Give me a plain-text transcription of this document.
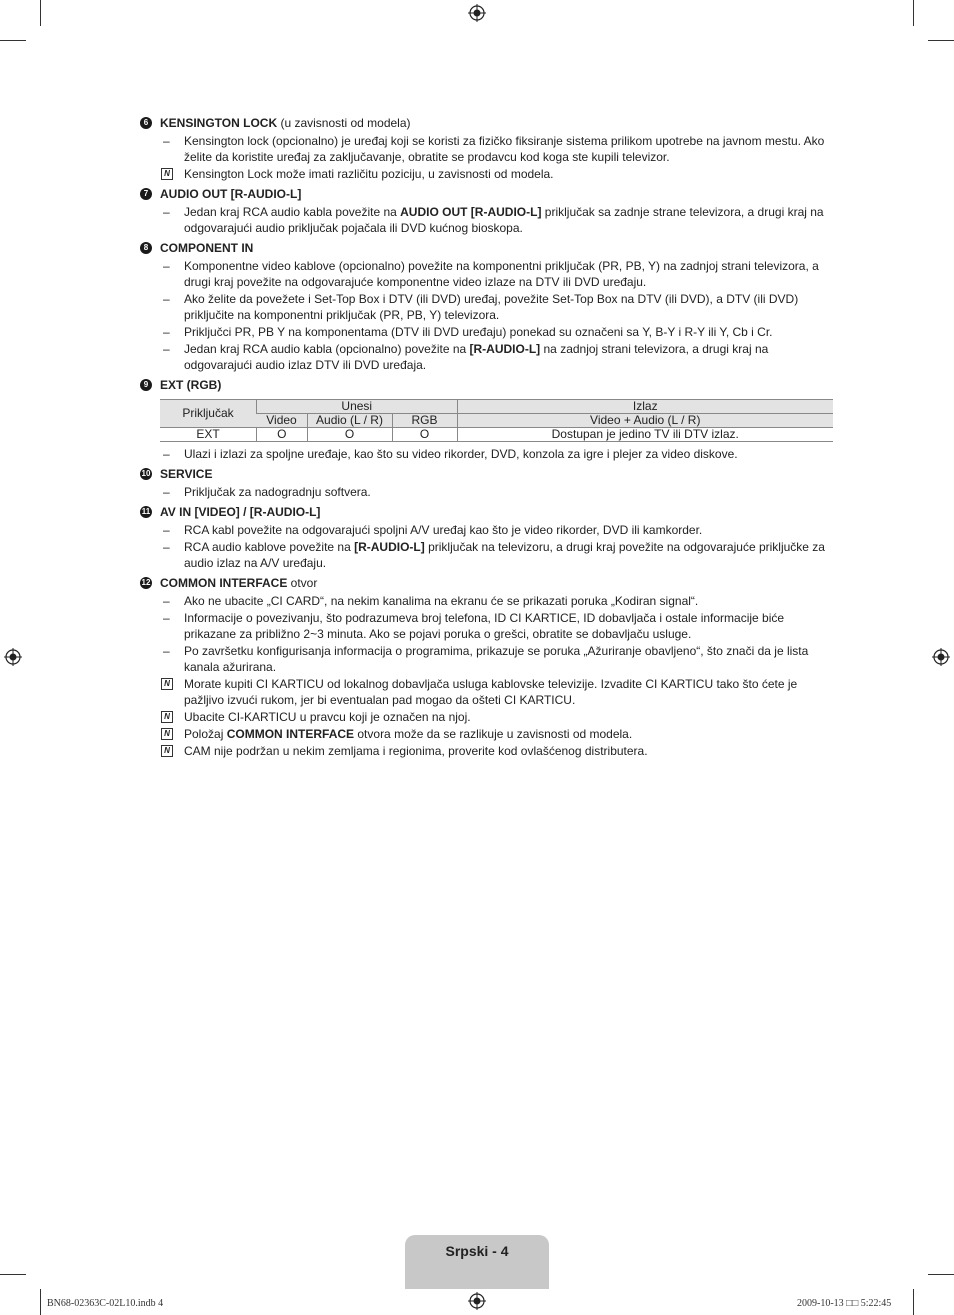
6 KENSINGTON LOCK (u zavisnosti od modela)
–	Kensington lock (opcionalno) je uređaj koji se koristi za fizičko fiksiranje sistema prilikom upotrebe na javnom mestu. Ako želite da koristite uređaj za zaključavanje, obratite se prodavcu kod koga ste kupili televizor.
N Kensington Lock može imati različitu poziciju, u zavisnosti od modela.
7 AUDIO OUT [R-AUDIO-L]
–	Jedan kraj RCA audio kabla povežite na AUDIO OUT [R-AUDIO-L] priključak sa zadnje strane televizora, a drugi kraj na odgovarajući audio priključak pojačala ili DVD kućnog bioskopa.
8 COMPONENT IN
–	Komponentne video kablove (opcionalno) povežite na komponentni priključak (PR, PB, Y) na zadnjoj strani televizora, a drugi kraj povežite na odgovarajuće komponentne video izlaze na DTV ili DVD uređaju.
–	Ako želite da povežete i Set-Top Box i DTV (ili DVD) uređaj, povežite Set-Top Box na DTV (ili DVD), a DTV (ili DVD) priključite na komponentni priključak (PR, PB, Y) televizora.
–	Priključci PR, PB Y na komponentama (DTV ili DVD uređaju) ponekad su označeni sa Y, B-Y i R-Y ili Y, Cb i Cr.
–	Jedan kraj RCA audio kabla (opcionalno) povežite na [R-AUDIO-L] na zadnjoj strani televizora, a drugi kraj na odgovarajući audio izlaz DTV ili DVD uređaja.
9 EXT (RGB)
Priključak	Unesi			Izlaz
	Video	Audio (L / R)	RGB	Video + Audio (L / R)
EXT	O	O	O	Dostupan je jedino TV ili DTV izlaz.
–	Ulazi i izlazi za spoljne uređaje, kao što su video rikorder, DVD, konzola za igre i plejer za video diskove.
10 SERVICE
–	Priključak za nadogradnju softvera.
11 AV IN [VIDEO] / [R-AUDIO-L]
–	RCA kabl povežite na odgovarajući spoljni A/V uređaj kao što je video rikorder, DVD ili kamkorder.
–	RCA audio kablove povežite na [R-AUDIO-L] priključak na televizoru, a drugi kraj povežite na odgovarajuće priključke za audio izlaz na A/V uređaju.
12 COMMON INTERFACE otvor
–	Ako ne ubacite „CI CARD“, na nekim kanalima na ekranu će se prikazati poruka „Kodiran signal“.
–	Informacije o povezivanju, što podrazumeva broj telefona, ID CI KARTICE, ID dobavljača i ostale informacije biće prikazane za približno 2~3 minuta. Ako se pojavi poruka o grešci, obratite se dobavljaču usluge.
–	Po završetku konfigurisanja informacija o programima, prikazuje se poruka „Ažuriranje obavljeno“, što znači da je lista kanala ažurirana.
N Morate kupiti CI KARTICU od lokalnog dobavljača usluga kablovske televizije. Izvadite CI KARTICU tako što ćete je pažljivo izvući rukom, jer bi eventualan pad mogao da ošteti CI KARTICU.
N Ubacite CI-KARTICU u pravcu koji je označen na njoj.
N Položaj COMMON INTERFACE otvora može da se razlikuje u zavisnosti od modela.
N CAM nije podržan u nekim zemljama i regionima, proverite kod ovlašćenog distributera.
Srpski - 4
BN68-02363C-02L10.indb 4	2009-10-13 □□ 5:22:45
